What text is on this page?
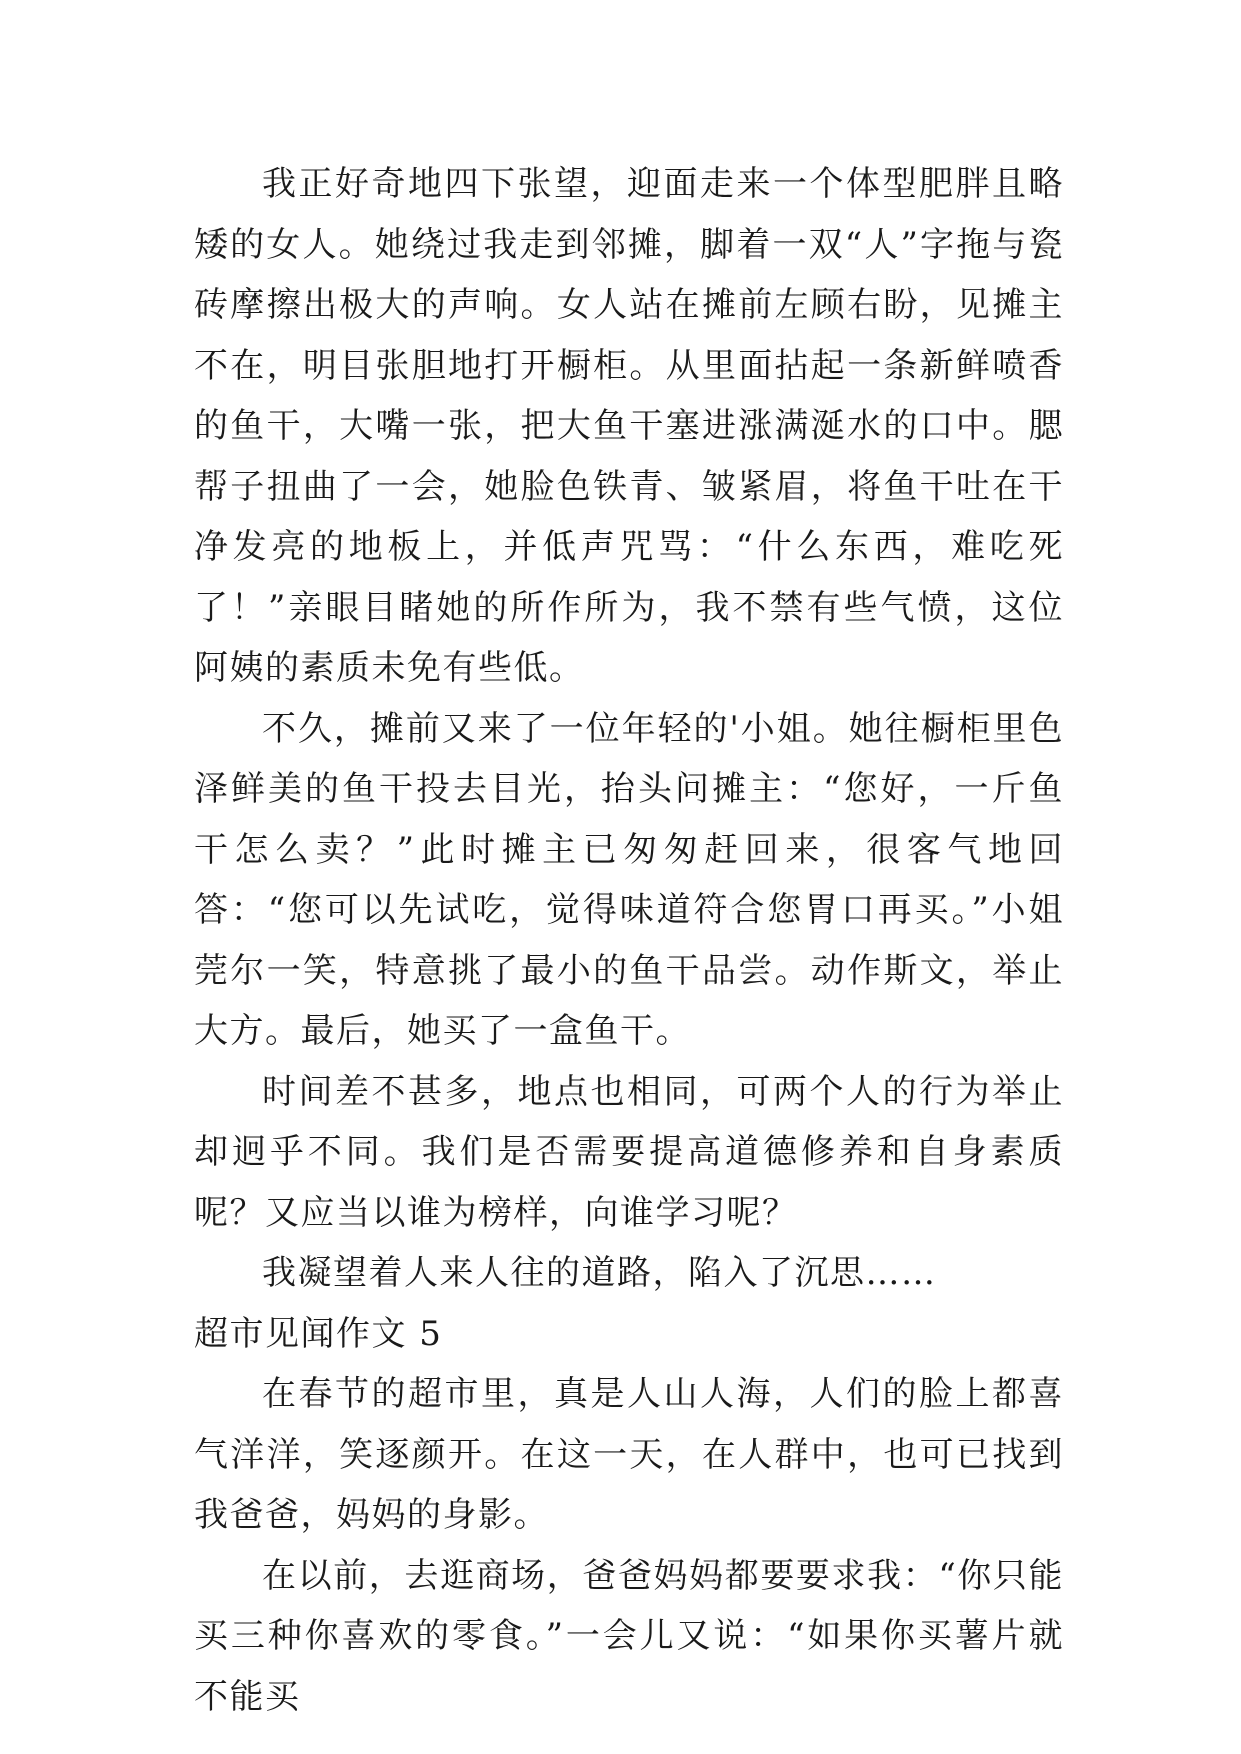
我正好奇地四下张望，迎面走来一个体型肥胖且略矮的女人。她绕过我走到邻摊，脚着一双“人”字拖与瓷砖摩擦出极大的声响。女人站在摊前左顾右盼，见摊主不在，明目张胆地打开橱柜。从里面拈起一条新鲜喷香的鱼干，大嘴一张，把大鱼干塞进涨满涎水的口中。腮帮子扭曲了一会，她脸色铁青、皱紧眉，将鱼干吐在干净发亮的地板上，并低声咒骂：“什么东西，难吃死了！”亲眼目睹她的所作所为，我不禁有些气愤，这位阿姨的素质未免有些低。

不久，摊前又来了一位年轻的'小姐。她往橱柜里色泽鲜美的鱼干投去目光，抬头问摊主：“您好，一斤鱼干怎么卖？”此时摊主已匆匆赶回来，很客气地回答：“您可以先试吃，觉得味道符合您胃口再买。”小姐莞尔一笑，特意挑了最小的鱼干品尝。动作斯文，举止大方。最后，她买了一盒鱼干。

时间差不甚多，地点也相同，可两个人的行为举止却迥乎不同。我们是否需要提高道德修养和自身素质呢？又应当以谁为榜样，向谁学习呢？

我凝望着人来人往的道路，陷入了沉思……

超市见闻作文 5

在春节的超市里，真是人山人海，人们的脸上都喜气洋洋，笑逐颜开。在这一天，在人群中，也可已找到我爸爸，妈妈的身影。

在以前，去逛商场，爸爸妈妈都要要求我：“你只能买三种你喜欢的零食。”一会儿又说：“如果你买薯片就不能买
